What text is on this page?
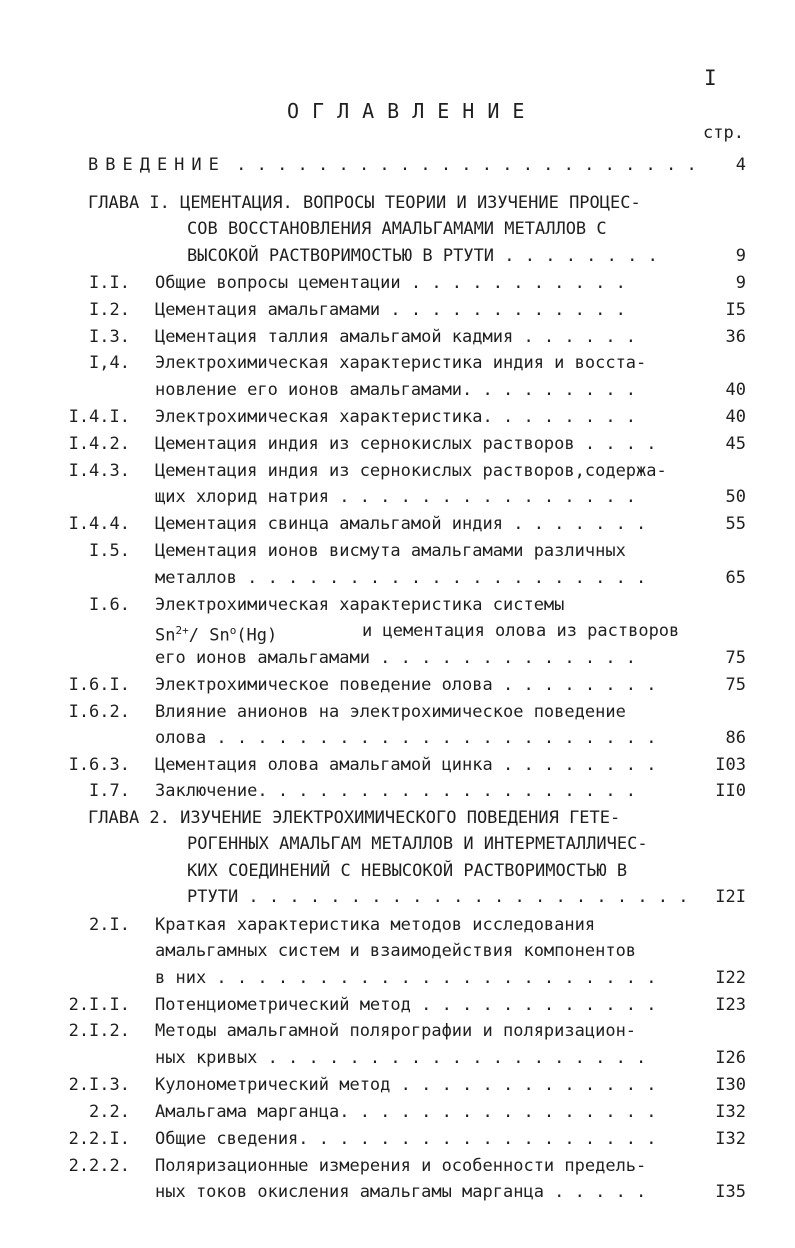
I
ОГЛАВЛЕНИЕ
стр.
ВВЕДЕНИЕ . . . . . . . . . . . . . . . . . . . . . . .	4
ГЛАВА I. ЦЕМЕНТАЦИЯ. ВОПРОСЫ ТЕОРИИ И ИЗУЧЕНИЕ ПРОЦЕС-
СОВ ВОССТАНОВЛЕНИЯ АМАЛЬГАМАМИ МЕТАЛЛОВ С
ВЫСОКОЙ РАСТВОРИМОСТЬЮ В РТУТИ . . . . . . . .	9
I.I. Общие вопросы цементации . . . . . . . . . . .	9
I.2. Цементация амальгамами . . . . . . . . . . . .	I5
I.3. Цементация таллия амальгамой кадмия . . . . . .	36
I,4. Электрохимическая характеристика индия и восста-
новление его ионов амальгамами. . . . . . . . .	40
I.4.I. Электрохимическая характеристика. . . . . . . .	40
I.4.2. Цементация индия из сернокислых растворов . . . .	45
I.4.3. Цементация индия из сернокислых растворов,содержа-
щих хлорид натрия . . . . . . . . . . . . . . .	50
I.4.4. Цементация свинца амальгамой индия . . . . . . .	55
I.5. Цементация ионов висмута амальгамами различных
металлов . . . . . . . . . . . . . . . . . . . .	65
I.6. Электрохимическая характеристика системы
$Sn^{2+}/$ Sn$^o$(Hg)	и цементация олова из растворов
его ионов амальгамами . . . . . . . . . . . . .	75
I.6.I. Электрохимическое поведение олова . . . . . . . .	75
I.6.2. Влияние анионов на электрохимическое поведение
олова . . . . . . . . . . . . . . . . . . . . . .	86
I.6.3. Цементация олова амальгамой цинка . . . . . . . .	I03
I.7. Заключение. . . . . . . . . . . . . . . . . . .	II0
ГЛАВА 2. ИЗУЧЕНИЕ ЭЛЕКТРОХИМИЧЕСКОГО ПОВЕДЕНИЯ ГЕТЕ-
РОГЕННЫХ АМАЛЬГАМ МЕТАЛЛОВ И ИНТЕРМЕТАЛЛИЧЕС-
КИХ СОЕДИНЕНИЙ С НЕВЫСОКОЙ РАСТВОРИМОСТЬЮ В
РТУТИ . . . . . . . . . . . . . . . . . . . . . .	I2I
2.I. Краткая характеристика методов исследования
амальгамных систем и взаимодействия компонентов
в них . . . . . . . . . . . . . . . . . . . . . .	I22
2.I.I. Потенциометрический метод . . . . . . . . . . . .	I23
2.I.2. Методы амальгамной полярографии и поляризацион-
ных кривых . . . . . . . . . . . . . . . . . . .	I26
2.I.3. Кулонометрический метод . . . . . . . . . . . . .	I30
2.2. Амальгама марганца. . . . . . . . . . . . . . . .	I32
2.2.I. Общие сведения. . . . . . . . . . . . . . . . . .	I32
2.2.2. Поляризационные измерения и особенности предель-
ных токов окисления амальгамы марганца . . . . .	I35
